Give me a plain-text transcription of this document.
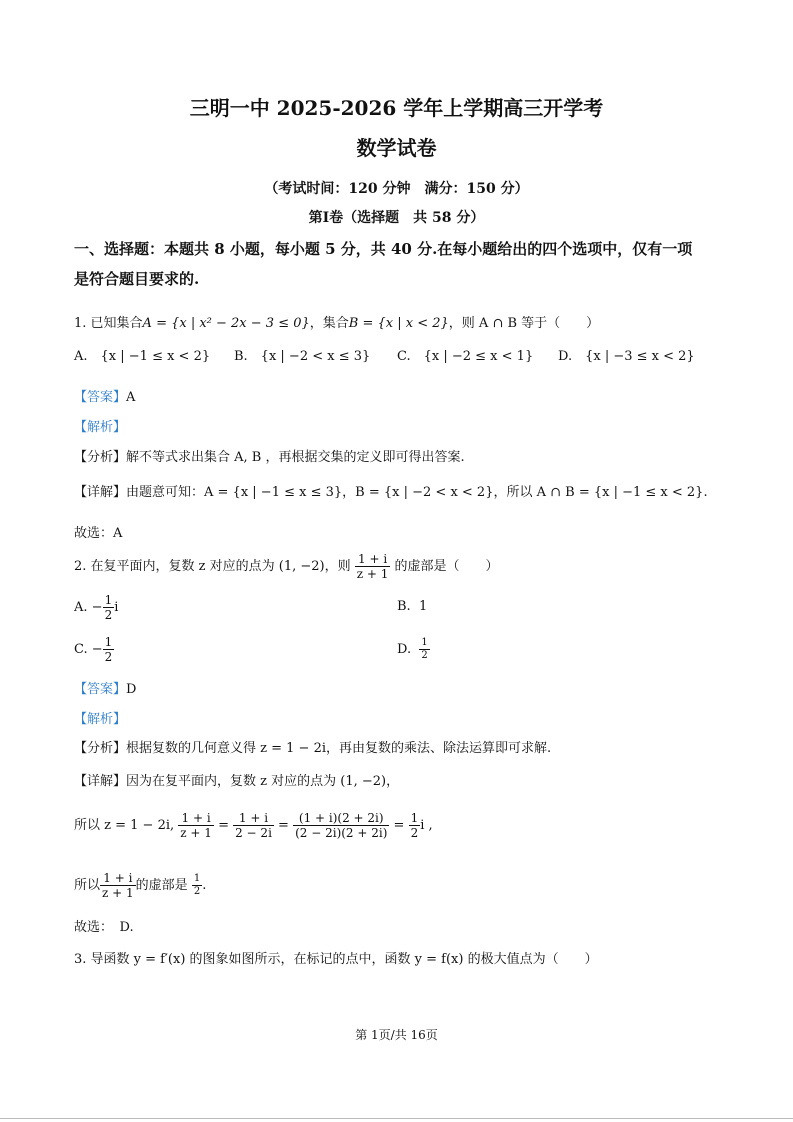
三明一中 2025-2026 学年上学期高三开学考
数学试卷
（考试时间：120 分钟　满分：150 分）
第Ⅰ卷（选择题　共 58 分）
一、选择题：本题共 8 小题，每小题 5 分，共 40 分.在每小题给出的四个选项中，仅有一项
是符合题目要求的.
1. 已知集合A = {x | x² − 2x − 3 ≤ 0}，集合B = {x | x < 2}，则 A ∩ B 等于（　　）
A.　{x | −1 ≤ x < 2} B.　{x | −2 < x ≤ 3} C.　{x | −2 ≤ x < 1} D.　{x | −3 ≤ x < 2}
【答案】A
【解析】
【分析】解不等式求出集合 A, B ，再根据交集的定义即可得出答案.
【详解】由题意可知：A = {x | −1 ≤ x ≤ 3}，B = {x | −2 < x < 2}，所以 A ∩ B = {x | −1 ≤ x < 2}.
故选：A
2. 在复平面内，复数 z 对应的点为 (1, −2)，则 $\frac{1 + i}{z + 1}$ 的虚部是（　　）
A. − $\frac{1}{2}$ i	B. 1
C. − $\frac{1}{2}$	D. $\frac{1}{2}$
【答案】D
【解析】
【分析】根据复数的几何意义得 z = 1 − 2i，再由复数的乘法、除法运算即可求解.
【详解】因为在复平面内，复数 z 对应的点为 (1, −2)，
所以 z = 1 − 2i, $\frac{1 + i}{z + 1} = \frac{1 + i}{2 - 2i} = \frac{(1 + i)(2 + 2i)}{(2 - 2i)(2 + 2i)} = \frac{1}{2}$ i ,
所以 $\frac{1 + i}{z + 1}$ 的虚部是 $\frac{1}{2}$ .
故选：　D.
3. 导函数 y = f′(x) 的图象如图所示，在标记的点中，函数 y = f(x) 的极大值点为（　　）
第 1页/共 16页
